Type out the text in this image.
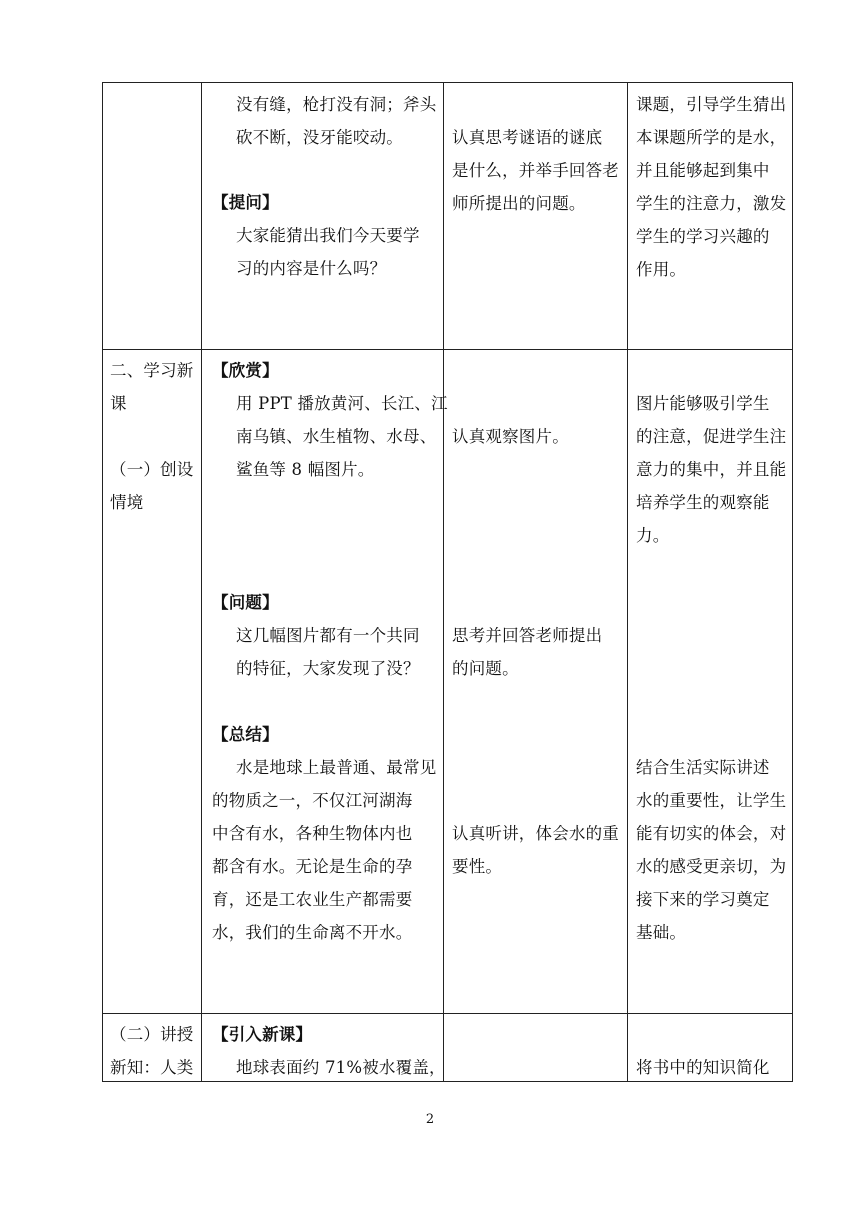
没有缝，枪打没有洞；斧头
砍不断，没牙能咬动。
【提问】
大家能猜出我们今天要学
习的内容是什么吗？
认真思考谜语的谜底
是什么，并举手回答老
师所提出的问题。
课题，引导学生猜出
本课题所学的是水，
并且能够起到集中
学生的注意力，激发
学生的学习兴趣的
作用。
二、学习新
课
（一）创设
情境
【欣赏】
用 PPT 播放黄河、长江、江
南乌镇、水生植物、水母、
鲨鱼等 8 幅图片。
【问题】
这几幅图片都有一个共同
的特征，大家发现了没？
【总结】
水是地球上最普通、最常见
的物质之一，不仅江河湖海
中含有水，各种生物体内也
都含有水。无论是生命的孕
育，还是工农业生产都需要
水，我们的生命离不开水。
认真观察图片。
思考并回答老师提出
的问题。
认真听讲，体会水的重
要性。
图片能够吸引学生
的注意，促进学生注
意力的集中，并且能
培养学生的观察能
力。
结合生活实际讲述
水的重要性，让学生
能有切实的体会，对
水的感受更亲切，为
接下来的学习奠定
基础。
（二）讲授
新知：人类
【引入新课】
地球表面约 71%被水覆盖，	将书中的知识简化
2
